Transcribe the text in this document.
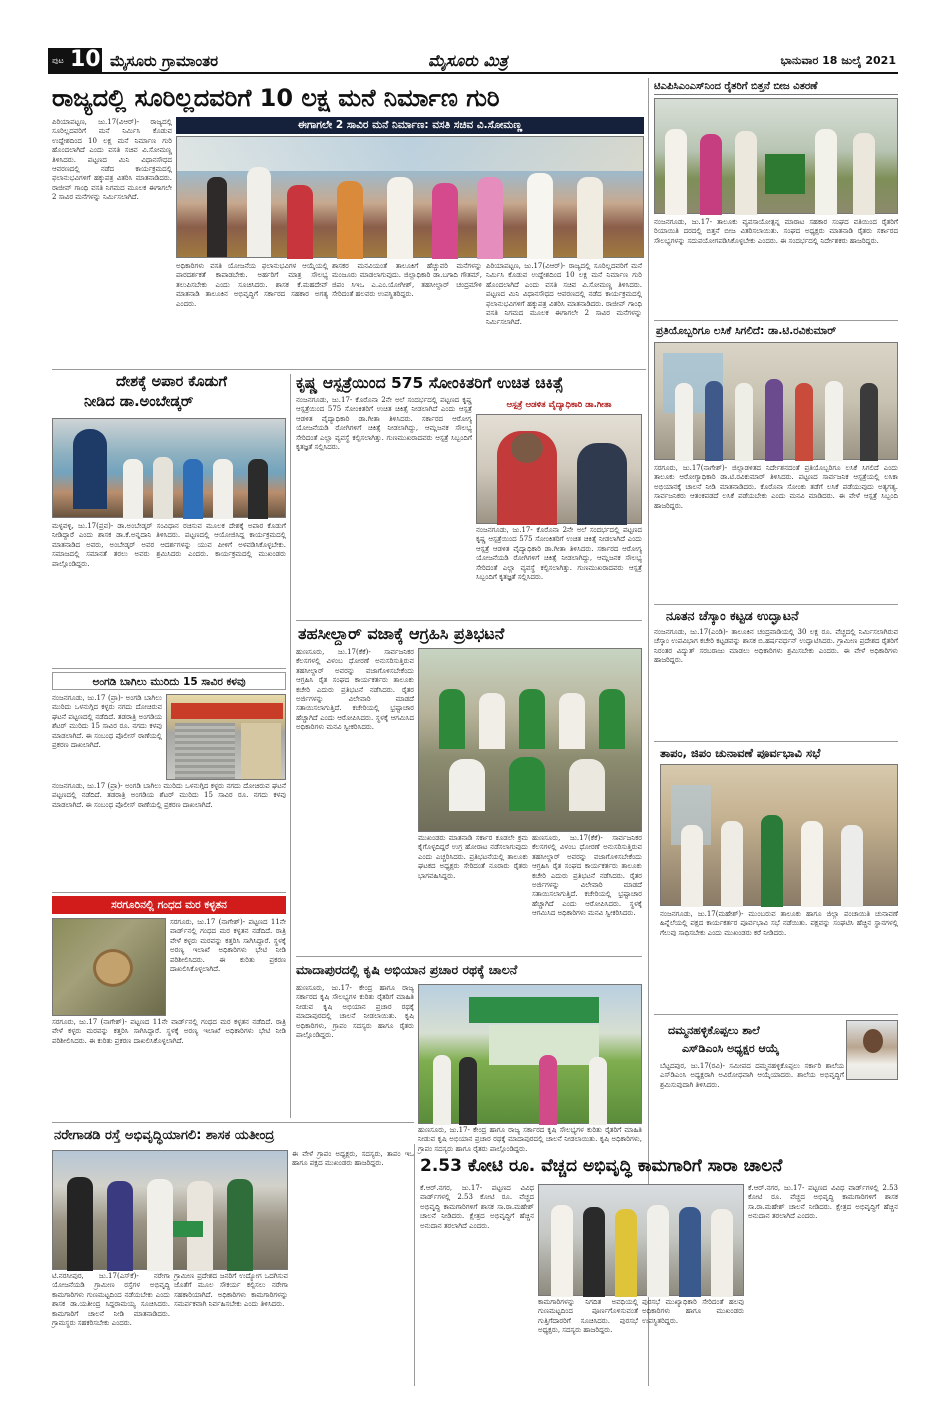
ಪುಟ 10 ಮೈಸೂರು ಗ್ರಾಮಾಂತರ	ಮೈಸೂರು ಮಿತ್ರ	ಭಾನುವಾರ 18 ಜುಲೈ 2021
ರಾಜ್ಯದಲ್ಲಿ ಸೂರಿಲ್ಲದವರಿಗೆ 10 ಲಕ್ಷ ಮನೆ ನಿರ್ಮಾಣ ಗುರಿ
ಈಗಾಗಲೇ 2 ಸಾವಿರ ಮನೆ ನಿರ್ಮಾಣ: ವಸತಿ ಸಚಿವ ವಿ.ಸೋಮಣ್ಣ
ಪಿರಿಯಾಪಟ್ಟಣ, ಜು.17(ವಿಆರ್)- ರಾಜ್ಯದಲ್ಲಿ ಸೂರಿಲ್ಲದವರಿಗೆ ಮನೆ ನಿರ್ಮಿಸಿ ಕೊಡುವ ಉದ್ದೇಶದಿಂದ 10 ಲಕ್ಷ ಮನೆ ನಿರ್ಮಾಣ ಗುರಿ ಹೊಂದಲಾಗಿದೆ ಎಂದು ವಸತಿ ಸಚಿವ ವಿ.ಸೋಮಣ್ಣ ತಿಳಿಸಿದರು. ಪಟ್ಟಣದ ಮಿನಿ ವಿಧಾನಸೌಧದ ಆವರಣದಲ್ಲಿ ನಡೆದ ಕಾರ್ಯಕ್ರಮದಲ್ಲಿ ಫಲಾನುಭವಿಗಳಿಗೆ ಹಕ್ಕುಪತ್ರ ವಿತರಿಸಿ ಮಾತನಾಡಿದರು. ರಾಜೀವ್ ಗಾಂಧಿ ವಸತಿ ನಿಗಮದ ಮೂಲಕ ಈಗಾಗಲೇ 2 ಸಾವಿರ ಮನೆಗಳನ್ನು ನಿರ್ಮಿಸಲಾಗಿದೆ.
ಅಧಿಕಾರಿಗಳು ವಸತಿ ಯೋಜನೆಯ ಫಲಾನುಭವಿಗಳ ಆಯ್ಕೆಯಲ್ಲಿ ಪಾರದರ್ಶಕತೆ ಕಾಪಾಡಬೇಕು. ಅರ್ಹರಿಗೆ ಮಾತ್ರ ಸೌಲಭ್ಯ ತಲುಪಿಸಬೇಕು ಎಂದು ಸೂಚಿಸಿದರು. ಶಾಸಕ ಕೆ.ಮಹದೇವ್ ಮಾತನಾಡಿ ತಾಲೂಕಿನ ಅಭಿವೃದ್ಧಿಗೆ ಸರ್ಕಾರದ ಸಹಕಾರ ಅಗತ್ಯ ಎಂದರು.
ಶಾಸಕರ ಮನವಿಯಂತೆ ತಾಲೂಕಿಗೆ ಹೆಚ್ಚುವರಿ ಮನೆಗಳನ್ನು ಮಂಜೂರು ಮಾಡಲಾಗುವುದು. ಜಿಲ್ಲಾಧಿಕಾರಿ ಡಾ.ಬಗಾದಿ ಗೌತಮ್, ಜಿಪಂ ಸಿಇಒ ಎ.ಎಂ.ಯೋಗೀಶ್, ತಹಸೀಲ್ದಾರ್ ಚಂದ್ರಮೌಳಿ ಸೇರಿದಂತೆ ಹಲವರು ಉಪಸ್ಥಿತರಿದ್ದರು.
ಪಿರಿಯಾಪಟ್ಟಣ, ಜು.17(ವಿಆರ್)- ರಾಜ್ಯದಲ್ಲಿ ಸೂರಿಲ್ಲದವರಿಗೆ ಮನೆ ನಿರ್ಮಿಸಿ ಕೊಡುವ ಉದ್ದೇಶದಿಂದ 10 ಲಕ್ಷ ಮನೆ ನಿರ್ಮಾಣ ಗುರಿ ಹೊಂದಲಾಗಿದೆ ಎಂದು ವಸತಿ ಸಚಿವ ವಿ.ಸೋಮಣ್ಣ ತಿಳಿಸಿದರು. ಪಟ್ಟಣದ ಮಿನಿ ವಿಧಾನಸೌಧದ ಆವರಣದಲ್ಲಿ ನಡೆದ ಕಾರ್ಯಕ್ರಮದಲ್ಲಿ ಫಲಾನುಭವಿಗಳಿಗೆ ಹಕ್ಕುಪತ್ರ ವಿತರಿಸಿ ಮಾತನಾಡಿದರು. ರಾಜೀವ್ ಗಾಂಧಿ ವಸತಿ ನಿಗಮದ ಮೂಲಕ ಈಗಾಗಲೇ 2 ಸಾವಿರ ಮನೆಗಳನ್ನು ನಿರ್ಮಿಸಲಾಗಿದೆ.
ಟಿಎಪಿಸಿಎಂಎಸ್‌ನಿಂದ ರೈತರಿಗೆ ಬಿತ್ತನೆ ಬೀಜ ವಿತರಣೆ
ನಂಜನಗೂಡು, ಜು.17- ತಾಲೂಕು ವ್ಯವಸಾಯೋತ್ಪನ್ನ ಮಾರಾಟ ಸಹಕಾರ ಸಂಘದ ವತಿಯಿಂದ ರೈತರಿಗೆ ರಿಯಾಯಿತಿ ದರದಲ್ಲಿ ಬಿತ್ತನೆ ಬೀಜ ವಿತರಿಸಲಾಯಿತು. ಸಂಘದ ಅಧ್ಯಕ್ಷರು ಮಾತನಾಡಿ ರೈತರು ಸರ್ಕಾರದ ಸೌಲಭ್ಯಗಳನ್ನು ಸದುಪಯೋಗಪಡಿಸಿಕೊಳ್ಳಬೇಕು ಎಂದರು. ಈ ಸಂದರ್ಭದಲ್ಲಿ ನಿರ್ದೇಶಕರು ಹಾಜರಿದ್ದರು.
ಪ್ರತಿಯೊಬ್ಬರಿಗೂ ಲಸಿಕೆ ಸಿಗಲಿದೆ: ಡಾ.ಟಿ.ರವಿಕುಮಾರ್
ಸರಗೂರು, ಜು.17(ನಾಗೇಶ್)- ಜಿಲ್ಲಾಡಳಿತದ ನಿರ್ದೇಶನದಂತೆ ಪ್ರತಿಯೊಬ್ಬರಿಗೂ ಲಸಿಕೆ ಸಿಗಲಿದೆ ಎಂದು ತಾಲೂಕು ಆರೋಗ್ಯಾಧಿಕಾರಿ ಡಾ.ಟಿ.ರವಿಕುಮಾರ್ ತಿಳಿಸಿದರು. ಪಟ್ಟಣದ ಸಾರ್ವಜನಿಕ ಆಸ್ಪತ್ರೆಯಲ್ಲಿ ಲಸಿಕಾ ಅಭಿಯಾನಕ್ಕೆ ಚಾಲನೆ ನೀಡಿ ಮಾತನಾಡಿದರು. ಕೊರೊನಾ ಸೋಂಕು ತಡೆಗೆ ಲಸಿಕೆ ಪಡೆಯುವುದು ಅತ್ಯಗತ್ಯ. ಸಾರ್ವಜನಿಕರು ಆತಂಕಪಡದೆ ಲಸಿಕೆ ಪಡೆಯಬೇಕು ಎಂದು ಮನವಿ ಮಾಡಿದರು. ಈ ವೇಳೆ ಆಸ್ಪತ್ರೆ ಸಿಬ್ಬಂದಿ ಹಾಜರಿದ್ದರು.
ನೂತನ ಚೆಸ್ಕಾಂ ಕಟ್ಟಡ ಉದ್ಘಾಟನೆ
ನಂಜನಗೂಡು, ಜು.17(ಎಂಡಿ)- ತಾಲೂಕಿನ ಚಂದ್ರವಾಡಿಯಲ್ಲಿ 30 ಲಕ್ಷ ರೂ. ವೆಚ್ಚದಲ್ಲಿ ನಿರ್ಮಿಸಲಾಗಿರುವ ಚೆಸ್ಕಾಂ ಉಪವಿಭಾಗ ಕಚೇರಿ ಕಟ್ಟಡವನ್ನು ಶಾಸಕ ಬಿ.ಹರ್ಷವರ್ಧನ್ ಉದ್ಘಾಟಿಸಿದರು. ಗ್ರಾಮೀಣ ಪ್ರದೇಶದ ರೈತರಿಗೆ ನಿರಂತರ ವಿದ್ಯುತ್ ಸರಬರಾಜು ಮಾಡಲು ಅಧಿಕಾರಿಗಳು ಶ್ರಮಿಸಬೇಕು ಎಂದರು. ಈ ವೇಳೆ ಅಧಿಕಾರಿಗಳು ಹಾಜರಿದ್ದರು.
ತಾಪಂ, ಜಿಪಂ ಚುನಾವಣೆ ಪೂರ್ವಭಾವಿ ಸಭೆ
ನಂಜನಗೂಡು, ಜು.17(ಮಹೇಶ್)- ಮುಂಬರುವ ತಾಲೂಕು ಹಾಗೂ ಜಿಲ್ಲಾ ಪಂಚಾಯಿತಿ ಚುನಾವಣೆ ಹಿನ್ನೆಲೆಯಲ್ಲಿ ಪಕ್ಷದ ಕಾರ್ಯಕರ್ತರ ಪೂರ್ವಭಾವಿ ಸಭೆ ನಡೆಯಿತು. ಪಕ್ಷವನ್ನು ಸಂಘಟಿಸಿ ಹೆಚ್ಚಿನ ಸ್ಥಾನಗಳಲ್ಲಿ ಗೆಲುವು ಸಾಧಿಸಬೇಕು ಎಂದು ಮುಖಂಡರು ಕರೆ ನೀಡಿದರು.
ದಮ್ಮನಹಳ್ಳಿಕೊಪ್ಪಲು ಶಾಲೆ
ಎಸ್‌ಡಿಎಂಸಿ ಅಧ್ಯಕ್ಷರ ಆಯ್ಕೆ
ಬೆಟ್ಟದಪುರ, ಜು.17(ರವಿ)- ಸಮೀಪದ ದಮ್ಮನಹಳ್ಳಿಕೊಪ್ಪಲು ಸರ್ಕಾರಿ ಶಾಲೆಯ ಎಸ್‌ಡಿಎಂಸಿ ಅಧ್ಯಕ್ಷರಾಗಿ ಅವಿರೋಧವಾಗಿ ಆಯ್ಕೆಯಾದರು. ಶಾಲೆಯ ಅಭಿವೃದ್ಧಿಗೆ ಶ್ರಮಿಸುವುದಾಗಿ ತಿಳಿಸಿದರು.
ದೇಶಕ್ಕೆ ಅಪಾರ ಕೊಡುಗೆ
ನೀಡಿದ ಡಾ.ಅಂಬೇಡ್ಕರ್
ಮಳ್ಳವಳ್ಳಿ, ಜು.17(ಪ್ರವ)- ಡಾ.ಅಂಬೇಡ್ಕರ್ ಸಂವಿಧಾನ ರಚಿಸುವ ಮೂಲಕ ದೇಶಕ್ಕೆ ಅಪಾರ ಕೊಡುಗೆ ನೀಡಿದ್ದಾರೆ ಎಂದು ಶಾಸಕ ಡಾ.ಕೆ.ಅನ್ನದಾನಿ ತಿಳಿಸಿದರು. ಪಟ್ಟಣದಲ್ಲಿ ಆಯೋಜಿಸಿದ್ದ ಕಾರ್ಯಕ್ರಮದಲ್ಲಿ ಮಾತನಾಡಿದ ಅವರು, ಅಂಬೇಡ್ಕರ್ ಅವರ ಆದರ್ಶಗಳನ್ನು ಯುವ ಪೀಳಿಗೆ ಅಳವಡಿಸಿಕೊಳ್ಳಬೇಕು. ಸಮಾಜದಲ್ಲಿ ಸಮಾನತೆ ತರಲು ಅವರು ಶ್ರಮಿಸಿದರು ಎಂದರು. ಕಾರ್ಯಕ್ರಮದಲ್ಲಿ ಮುಖಂಡರು ಪಾಲ್ಗೊಂಡಿದ್ದರು.
ಅಂಗಡಿ ಬಾಗಿಲು ಮುರಿದು 15 ಸಾವಿರ ಕಳವು
ನಂಜನಗೂಡು, ಜು.17 (ಪ್ರಾ)- ಅಂಗಡಿ ಬಾಗಿಲು ಮುರಿದು ಒಳನುಗ್ಗಿದ ಕಳ್ಳರು ನಗದು ದೋಚಿರುವ ಘಟನೆ ಪಟ್ಟಣದಲ್ಲಿ ನಡೆದಿದೆ. ತಡರಾತ್ರಿ ಅಂಗಡಿಯ ಶೆಟರ್ ಮುರಿದು 15 ಸಾವಿರ ರೂ. ನಗದು ಕಳವು ಮಾಡಲಾಗಿದೆ. ಈ ಸಂಬಂಧ ಪೊಲೀಸ್ ಠಾಣೆಯಲ್ಲಿ ಪ್ರಕರಣ ದಾಖಲಾಗಿದೆ.
ನಂಜನಗೂಡು, ಜು.17 (ಪ್ರಾ)- ಅಂಗಡಿ ಬಾಗಿಲು ಮುರಿದು ಒಳನುಗ್ಗಿದ ಕಳ್ಳರು ನಗದು ದೋಚಿರುವ ಘಟನೆ ಪಟ್ಟಣದಲ್ಲಿ ನಡೆದಿದೆ. ತಡರಾತ್ರಿ ಅಂಗಡಿಯ ಶೆಟರ್ ಮುರಿದು 15 ಸಾವಿರ ರೂ. ನಗದು ಕಳವು ಮಾಡಲಾಗಿದೆ. ಈ ಸಂಬಂಧ ಪೊಲೀಸ್ ಠಾಣೆಯಲ್ಲಿ ಪ್ರಕರಣ ದಾಖಲಾಗಿದೆ.
ಸರಗೂರಿನಲ್ಲಿ ಗಂಧದ ಮರ ಕಳ್ಳತನ
ಸರಗೂರು, ಜು.17 (ನಾಗೇಶ್)- ಪಟ್ಟಣದ 11ನೇ ವಾರ್ಡ್‌ನಲ್ಲಿ ಗಂಧದ ಮರ ಕಳ್ಳತನ ನಡೆದಿದೆ. ರಾತ್ರಿ ವೇಳೆ ಕಳ್ಳರು ಮರವನ್ನು ಕತ್ತರಿಸಿ ಸಾಗಿಸಿದ್ದಾರೆ. ಸ್ಥಳಕ್ಕೆ ಅರಣ್ಯ ಇಲಾಖೆ ಅಧಿಕಾರಿಗಳು ಭೇಟಿ ನೀಡಿ ಪರಿಶೀಲಿಸಿದರು. ಈ ಕುರಿತು ಪ್ರಕರಣ ದಾಖಲಿಸಿಕೊಳ್ಳಲಾಗಿದೆ.
ಸರಗೂರು, ಜು.17 (ನಾಗೇಶ್)- ಪಟ್ಟಣದ 11ನೇ ವಾರ್ಡ್‌ನಲ್ಲಿ ಗಂಧದ ಮರ ಕಳ್ಳತನ ನಡೆದಿದೆ. ರಾತ್ರಿ ವೇಳೆ ಕಳ್ಳರು ಮರವನ್ನು ಕತ್ತರಿಸಿ ಸಾಗಿಸಿದ್ದಾರೆ. ಸ್ಥಳಕ್ಕೆ ಅರಣ್ಯ ಇಲಾಖೆ ಅಧಿಕಾರಿಗಳು ಭೇಟಿ ನೀಡಿ ಪರಿಶೀಲಿಸಿದರು. ಈ ಕುರಿತು ಪ್ರಕರಣ ದಾಖಲಿಸಿಕೊಳ್ಳಲಾಗಿದೆ.
ಕೃಷ್ಣ ಆಸ್ಪತ್ರೆಯಿಂದ 575 ಸೋಂಕಿತರಿಗೆ ಉಚಿತ ಚಿಕಿತ್ಸೆ
ನಂಜನಗೂಡು, ಜು.17- ಕೊರೊನಾ 2ನೇ ಅಲೆ ಸಂದರ್ಭದಲ್ಲಿ ಪಟ್ಟಣದ ಕೃಷ್ಣ ಆಸ್ಪತ್ರೆಯಿಂದ 575 ಸೋಂಕಿತರಿಗೆ ಉಚಿತ ಚಿಕಿತ್ಸೆ ನೀಡಲಾಗಿದೆ ಎಂದು ಆಸ್ಪತ್ರೆ ಆಡಳಿತ ವೈದ್ಯಾಧಿಕಾರಿ ಡಾ.ಗೀತಾ ತಿಳಿಸಿದರು. ಸರ್ಕಾರದ ಆರೋಗ್ಯ ಯೋಜನೆಯಡಿ ರೋಗಿಗಳಿಗೆ ಚಿಕಿತ್ಸೆ ನೀಡಲಾಗಿದ್ದು, ಆಮ್ಲಜನಕ ಸೌಲಭ್ಯ ಸೇರಿದಂತೆ ಎಲ್ಲಾ ವ್ಯವಸ್ಥೆ ಕಲ್ಪಿಸಲಾಗಿತ್ತು. ಗುಣಮುಖರಾದವರು ಆಸ್ಪತ್ರೆ ಸಿಬ್ಬಂದಿಗೆ ಕೃತಜ್ಞತೆ ಸಲ್ಲಿಸಿದರು.
ಆಸ್ಪತ್ರೆ ಆಡಳಿತ ವೈದ್ಯಾಧಿಕಾರಿ ಡಾ.ಗೀತಾ
ನಂಜನಗೂಡು, ಜು.17- ಕೊರೊನಾ 2ನೇ ಅಲೆ ಸಂದರ್ಭದಲ್ಲಿ ಪಟ್ಟಣದ ಕೃಷ್ಣ ಆಸ್ಪತ್ರೆಯಿಂದ 575 ಸೋಂಕಿತರಿಗೆ ಉಚಿತ ಚಿಕಿತ್ಸೆ ನೀಡಲಾಗಿದೆ ಎಂದು ಆಸ್ಪತ್ರೆ ಆಡಳಿತ ವೈದ್ಯಾಧಿಕಾರಿ ಡಾ.ಗೀತಾ ತಿಳಿಸಿದರು. ಸರ್ಕಾರದ ಆರೋಗ್ಯ ಯೋಜನೆಯಡಿ ರೋಗಿಗಳಿಗೆ ಚಿಕಿತ್ಸೆ ನೀಡಲಾಗಿದ್ದು, ಆಮ್ಲಜನಕ ಸೌಲಭ್ಯ ಸೇರಿದಂತೆ ಎಲ್ಲಾ ವ್ಯವಸ್ಥೆ ಕಲ್ಪಿಸಲಾಗಿತ್ತು. ಗುಣಮುಖರಾದವರು ಆಸ್ಪತ್ರೆ ಸಿಬ್ಬಂದಿಗೆ ಕೃತಜ್ಞತೆ ಸಲ್ಲಿಸಿದರು.
ತಹಸೀಲ್ದಾರ್ ವಜಾಕ್ಕೆ ಆಗ್ರಹಿಸಿ ಪ್ರತಿಭಟನೆ
ಹುಣಸೂರು, ಜು.17(ಕೆಕೆ)- ಸಾರ್ವಜನಿಕರ ಕೆಲಸಗಳಲ್ಲಿ ವಿಳಂಬ ಧೋರಣೆ ಅನುಸರಿಸುತ್ತಿರುವ ತಹಸೀಲ್ದಾರ್ ಅವರನ್ನು ವಜಾಗೊಳಿಸಬೇಕೆಂದು ಆಗ್ರಹಿಸಿ ರೈತ ಸಂಘದ ಕಾರ್ಯಕರ್ತರು ತಾಲೂಕು ಕಚೇರಿ ಎದುರು ಪ್ರತಿಭಟನೆ ನಡೆಸಿದರು. ರೈತರ ಅರ್ಜಿಗಳನ್ನು ವಿಲೇವಾರಿ ಮಾಡದೆ ಸತಾಯಿಸಲಾಗುತ್ತಿದೆ. ಕಚೇರಿಯಲ್ಲಿ ಭ್ರಷ್ಟಾಚಾರ ಹೆಚ್ಚಾಗಿದೆ ಎಂದು ಆರೋಪಿಸಿದರು. ಸ್ಥಳಕ್ಕೆ ಆಗಮಿಸಿದ ಅಧಿಕಾರಿಗಳು ಮನವಿ ಸ್ವೀಕರಿಸಿದರು.
ಮುಖಂಡರು ಮಾತನಾಡಿ ಸರ್ಕಾರ ಕೂಡಲೇ ಕ್ರಮ ಕೈಗೊಳ್ಳದಿದ್ದರೆ ಉಗ್ರ ಹೋರಾಟ ನಡೆಸಲಾಗುವುದು ಎಂದು ಎಚ್ಚರಿಸಿದರು. ಪ್ರತಿಭಟನೆಯಲ್ಲಿ ತಾಲೂಕು ಘಟಕದ ಅಧ್ಯಕ್ಷರು ಸೇರಿದಂತೆ ನೂರಾರು ರೈತರು ಭಾಗವಹಿಸಿದ್ದರು.
ಹುಣಸೂರು, ಜು.17(ಕೆಕೆ)- ಸಾರ್ವಜನಿಕರ ಕೆಲಸಗಳಲ್ಲಿ ವಿಳಂಬ ಧೋರಣೆ ಅನುಸರಿಸುತ್ತಿರುವ ತಹಸೀಲ್ದಾರ್ ಅವರನ್ನು ವಜಾಗೊಳಿಸಬೇಕೆಂದು ಆಗ್ರಹಿಸಿ ರೈತ ಸಂಘದ ಕಾರ್ಯಕರ್ತರು ತಾಲೂಕು ಕಚೇರಿ ಎದುರು ಪ್ರತಿಭಟನೆ ನಡೆಸಿದರು. ರೈತರ ಅರ್ಜಿಗಳನ್ನು ವಿಲೇವಾರಿ ಮಾಡದೆ ಸತಾಯಿಸಲಾಗುತ್ತಿದೆ. ಕಚೇರಿಯಲ್ಲಿ ಭ್ರಷ್ಟಾಚಾರ ಹೆಚ್ಚಾಗಿದೆ ಎಂದು ಆರೋಪಿಸಿದರು. ಸ್ಥಳಕ್ಕೆ ಆಗಮಿಸಿದ ಅಧಿಕಾರಿಗಳು ಮನವಿ ಸ್ವೀಕರಿಸಿದರು.
ಮಾದಾಪುರದಲ್ಲಿ ಕೃಷಿ ಅಭಿಯಾನ ಪ್ರಚಾರ ರಥಕ್ಕೆ ಚಾಲನೆ
ಹುಣಸೂರು, ಜು.17- ಕೇಂದ್ರ ಹಾಗೂ ರಾಜ್ಯ ಸರ್ಕಾರದ ಕೃಷಿ ಸೌಲಭ್ಯಗಳ ಕುರಿತು ರೈತರಿಗೆ ಮಾಹಿತಿ ನೀಡುವ ಕೃಷಿ ಅಭಿಯಾನ ಪ್ರಚಾರ ರಥಕ್ಕೆ ಮಾದಾಪುರದಲ್ಲಿ ಚಾಲನೆ ನೀಡಲಾಯಿತು. ಕೃಷಿ ಅಧಿಕಾರಿಗಳು, ಗ್ರಾಪಂ ಸದಸ್ಯರು ಹಾಗೂ ರೈತರು ಪಾಲ್ಗೊಂಡಿದ್ದರು.
ಹುಣಸೂರು, ಜು.17- ಕೇಂದ್ರ ಹಾಗೂ ರಾಜ್ಯ ಸರ್ಕಾರದ ಕೃಷಿ ಸೌಲಭ್ಯಗಳ ಕುರಿತು ರೈತರಿಗೆ ಮಾಹಿತಿ ನೀಡುವ ಕೃಷಿ ಅಭಿಯಾನ ಪ್ರಚಾರ ರಥಕ್ಕೆ ಮಾದಾಪುರದಲ್ಲಿ ಚಾಲನೆ ನೀಡಲಾಯಿತು. ಕೃಷಿ ಅಧಿಕಾರಿಗಳು, ಗ್ರಾಪಂ ಸದಸ್ಯರು ಹಾಗೂ ರೈತರು ಪಾಲ್ಗೊಂಡಿದ್ದರು.
ನರೇಗಾಡಡಿ ರಸ್ತೆ ಅಭಿವೃದ್ಧಿಯಾಗಲಿ: ಶಾಸಕ ಯತೀಂದ್ರ
ಟಿ.ನರಸೀಪುರ, ಜು.17(ಎಸ್‌ಕೆ)- ನರೇಗಾ ಯೋಜನೆಯಡಿ ಗ್ರಾಮೀಣ ರಸ್ತೆಗಳ ಅಭಿವೃದ್ಧಿ ಕಾಮಗಾರಿಗಳು ಗುಣಮಟ್ಟದಿಂದ ನಡೆಯಬೇಕು ಎಂದು ಶಾಸಕ ಡಾ.ಯತೀಂದ್ರ ಸಿದ್ದರಾಮಯ್ಯ ಸೂಚಿಸಿದರು. ಕಾಮಗಾರಿಗೆ ಚಾಲನೆ ನೀಡಿ ಮಾತನಾಡಿದರು. ಗ್ರಾಮಸ್ಥರು ಸಹಕರಿಸಬೇಕು ಎಂದರು.
ಗ್ರಾಮೀಣ ಪ್ರದೇಶದ ಜನರಿಗೆ ಉದ್ಯೋಗ ಒದಗಿಸುವ ಜೊತೆಗೆ ಮೂಲ ಸೌಕರ್ಯ ಕಲ್ಪಿಸಲು ನರೇಗಾ ಸಹಕಾರಿಯಾಗಿದೆ. ಅಧಿಕಾರಿಗಳು ಕಾಮಗಾರಿಗಳನ್ನು ಸಮರ್ಪಕವಾಗಿ ನಿರ್ವಹಿಸಬೇಕು ಎಂದು ತಿಳಿಸಿದರು.
ಈ ವೇಳೆ ಗ್ರಾಪಂ ಅಧ್ಯಕ್ಷರು, ಸದಸ್ಯರು, ತಾಪಂ ಇಒ ಹಾಗೂ ಪಕ್ಷದ ಮುಖಂಡರು ಹಾಜರಿದ್ದರು.	2.53 ಕೋಟಿ ರೂ. ವೆಚ್ಚದ ಅಭಿವೃದ್ಧಿ ಕಾಮಗಾರಿಗೆ ಸಾರಾ ಚಾಲನೆ
ಕೆ.ಆರ್.ನಗರ, ಜು.17- ಪಟ್ಟಣದ ವಿವಿಧ ವಾರ್ಡ್‌ಗಳಲ್ಲಿ 2.53 ಕೋಟಿ ರೂ. ವೆಚ್ಚದ ಅಭಿವೃದ್ಧಿ ಕಾಮಗಾರಿಗಳಿಗೆ ಶಾಸಕ ಸಾ.ರಾ.ಮಹೇಶ್ ಚಾಲನೆ ನೀಡಿದರು. ಕ್ಷೇತ್ರದ ಅಭಿವೃದ್ಧಿಗೆ ಹೆಚ್ಚಿನ ಅನುದಾನ ತರಲಾಗಿದೆ ಎಂದರು.
ಕಾಮಗಾರಿಗಳನ್ನು ನಿಗದಿತ ಅವಧಿಯಲ್ಲಿ ಗುಣಮಟ್ಟದಿಂದ ಪೂರ್ಣಗೊಳಿಸುವಂತೆ ಗುತ್ತಿಗೆದಾರರಿಗೆ ಸೂಚಿಸಿದರು. ಪುರಸಭೆ ಅಧ್ಯಕ್ಷರು, ಸದಸ್ಯರು ಹಾಜರಿದ್ದರು.
ಪುರಸಭೆ ಮುಖ್ಯಾಧಿಕಾರಿ ಸೇರಿದಂತೆ ಹಲವು ಅಧಿಕಾರಿಗಳು ಹಾಗೂ ಮುಖಂಡರು ಉಪಸ್ಥಿತರಿದ್ದರು.
ಕೆ.ಆರ್.ನಗರ, ಜು.17- ಪಟ್ಟಣದ ವಿವಿಧ ವಾರ್ಡ್‌ಗಳಲ್ಲಿ 2.53 ಕೋಟಿ ರೂ. ವೆಚ್ಚದ ಅಭಿವೃದ್ಧಿ ಕಾಮಗಾರಿಗಳಿಗೆ ಶಾಸಕ ಸಾ.ರಾ.ಮಹೇಶ್ ಚಾಲನೆ ನೀಡಿದರು. ಕ್ಷೇತ್ರದ ಅಭಿವೃದ್ಧಿಗೆ ಹೆಚ್ಚಿನ ಅನುದಾನ ತರಲಾಗಿದೆ ಎಂದರು.
